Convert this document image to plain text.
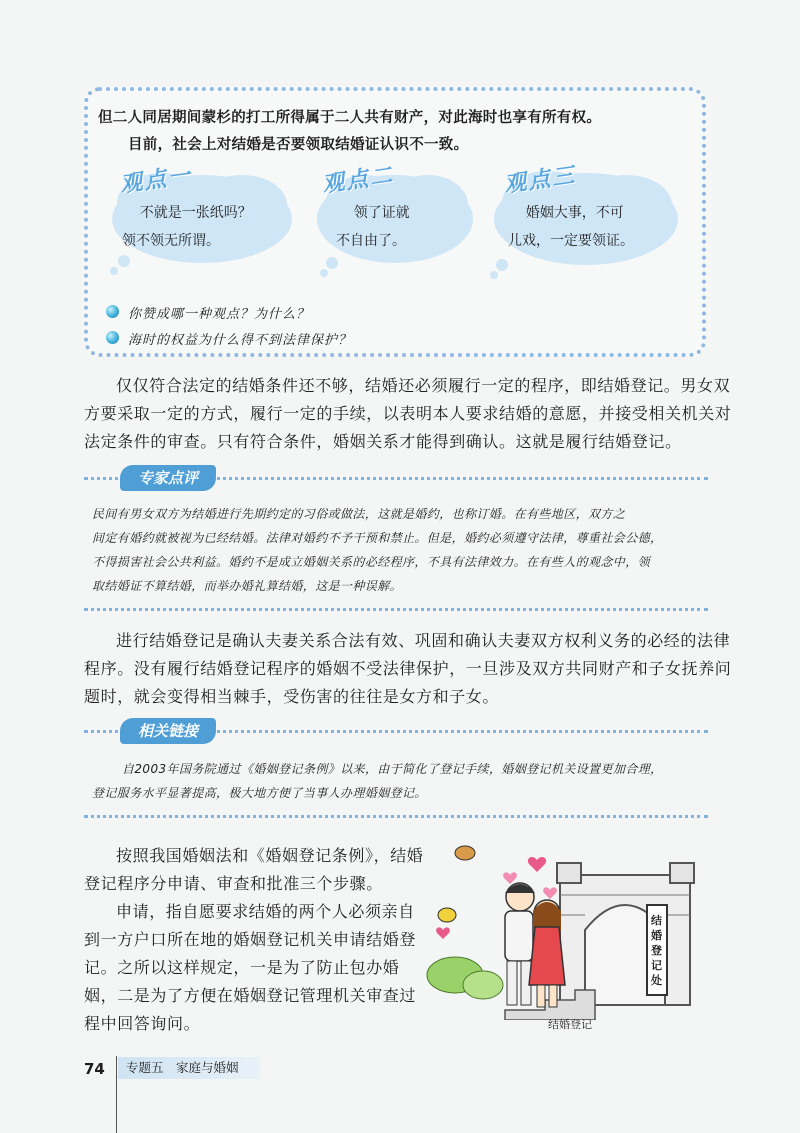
但二人同居期间蒙杉的打工所得属于二人共有财产，对此海时也享有所有权。
目前，社会上对结婚是否要领取结婚证认识不一致。
观点一
不就是一张纸吗？
领不领无所谓。
观点二
领了证就
不自由了。
观点三
婚姻大事，不可
儿戏，一定要领证。
你赞成哪一种观点？为什么？
海时的权益为什么得不到法律保护？

仅仅符合法定的结婚条件还不够，结婚还必须履行一定的程序，即结婚登记。男女双

方要采取一定的方式，履行一定的手续，以表明本人要求结婚的意愿，并接受相关机关对

法定条件的审查。只有符合条件，婚姻关系才能得到确认。这就是履行结婚登记。

专家点评

民间有男女双方为结婚进行先期约定的习俗或做法，这就是婚约，也称订婚。在有些地区，双方之

间定有婚约就被视为已经结婚。法律对婚约不予干预和禁止。但是，婚约必须遵守法律，尊重社会公德，

不得损害社会公共利益。婚约不是成立婚姻关系的必经程序，不具有法律效力。在有些人的观念中，领

取结婚证不算结婚，而举办婚礼算结婚，这是一种误解。

进行结婚登记是确认夫妻关系合法有效、巩固和确认夫妻双方权利义务的必经的法律

程序。没有履行结婚登记程序的婚姻不受法律保护，一旦涉及双方共同财产和子女抚养问

题时，就会变得相当棘手，受伤害的往往是女方和子女。

相关链接

自2003年国务院通过《婚姻登记条例》以来，由于简化了登记手续，婚姻登记机关设置更加合理，

登记服务水平显著提高，极大地方便了当事人办理婚姻登记。

按照我国婚姻法和《婚姻登记条例》，结婚

登记程序分申请、审查和批准三个步骤。

申请，指自愿要求结婚的两个人必须亲自

到一方户口所在地的婚姻登记机关申请结婚登

记。之所以这样规定，一是为了防止包办婚

姻，二是为了方便在婚姻登记管理机关审查过

程中回答询问。

结婚登记处
结婚登记
74	专题五　家庭与婚姻
